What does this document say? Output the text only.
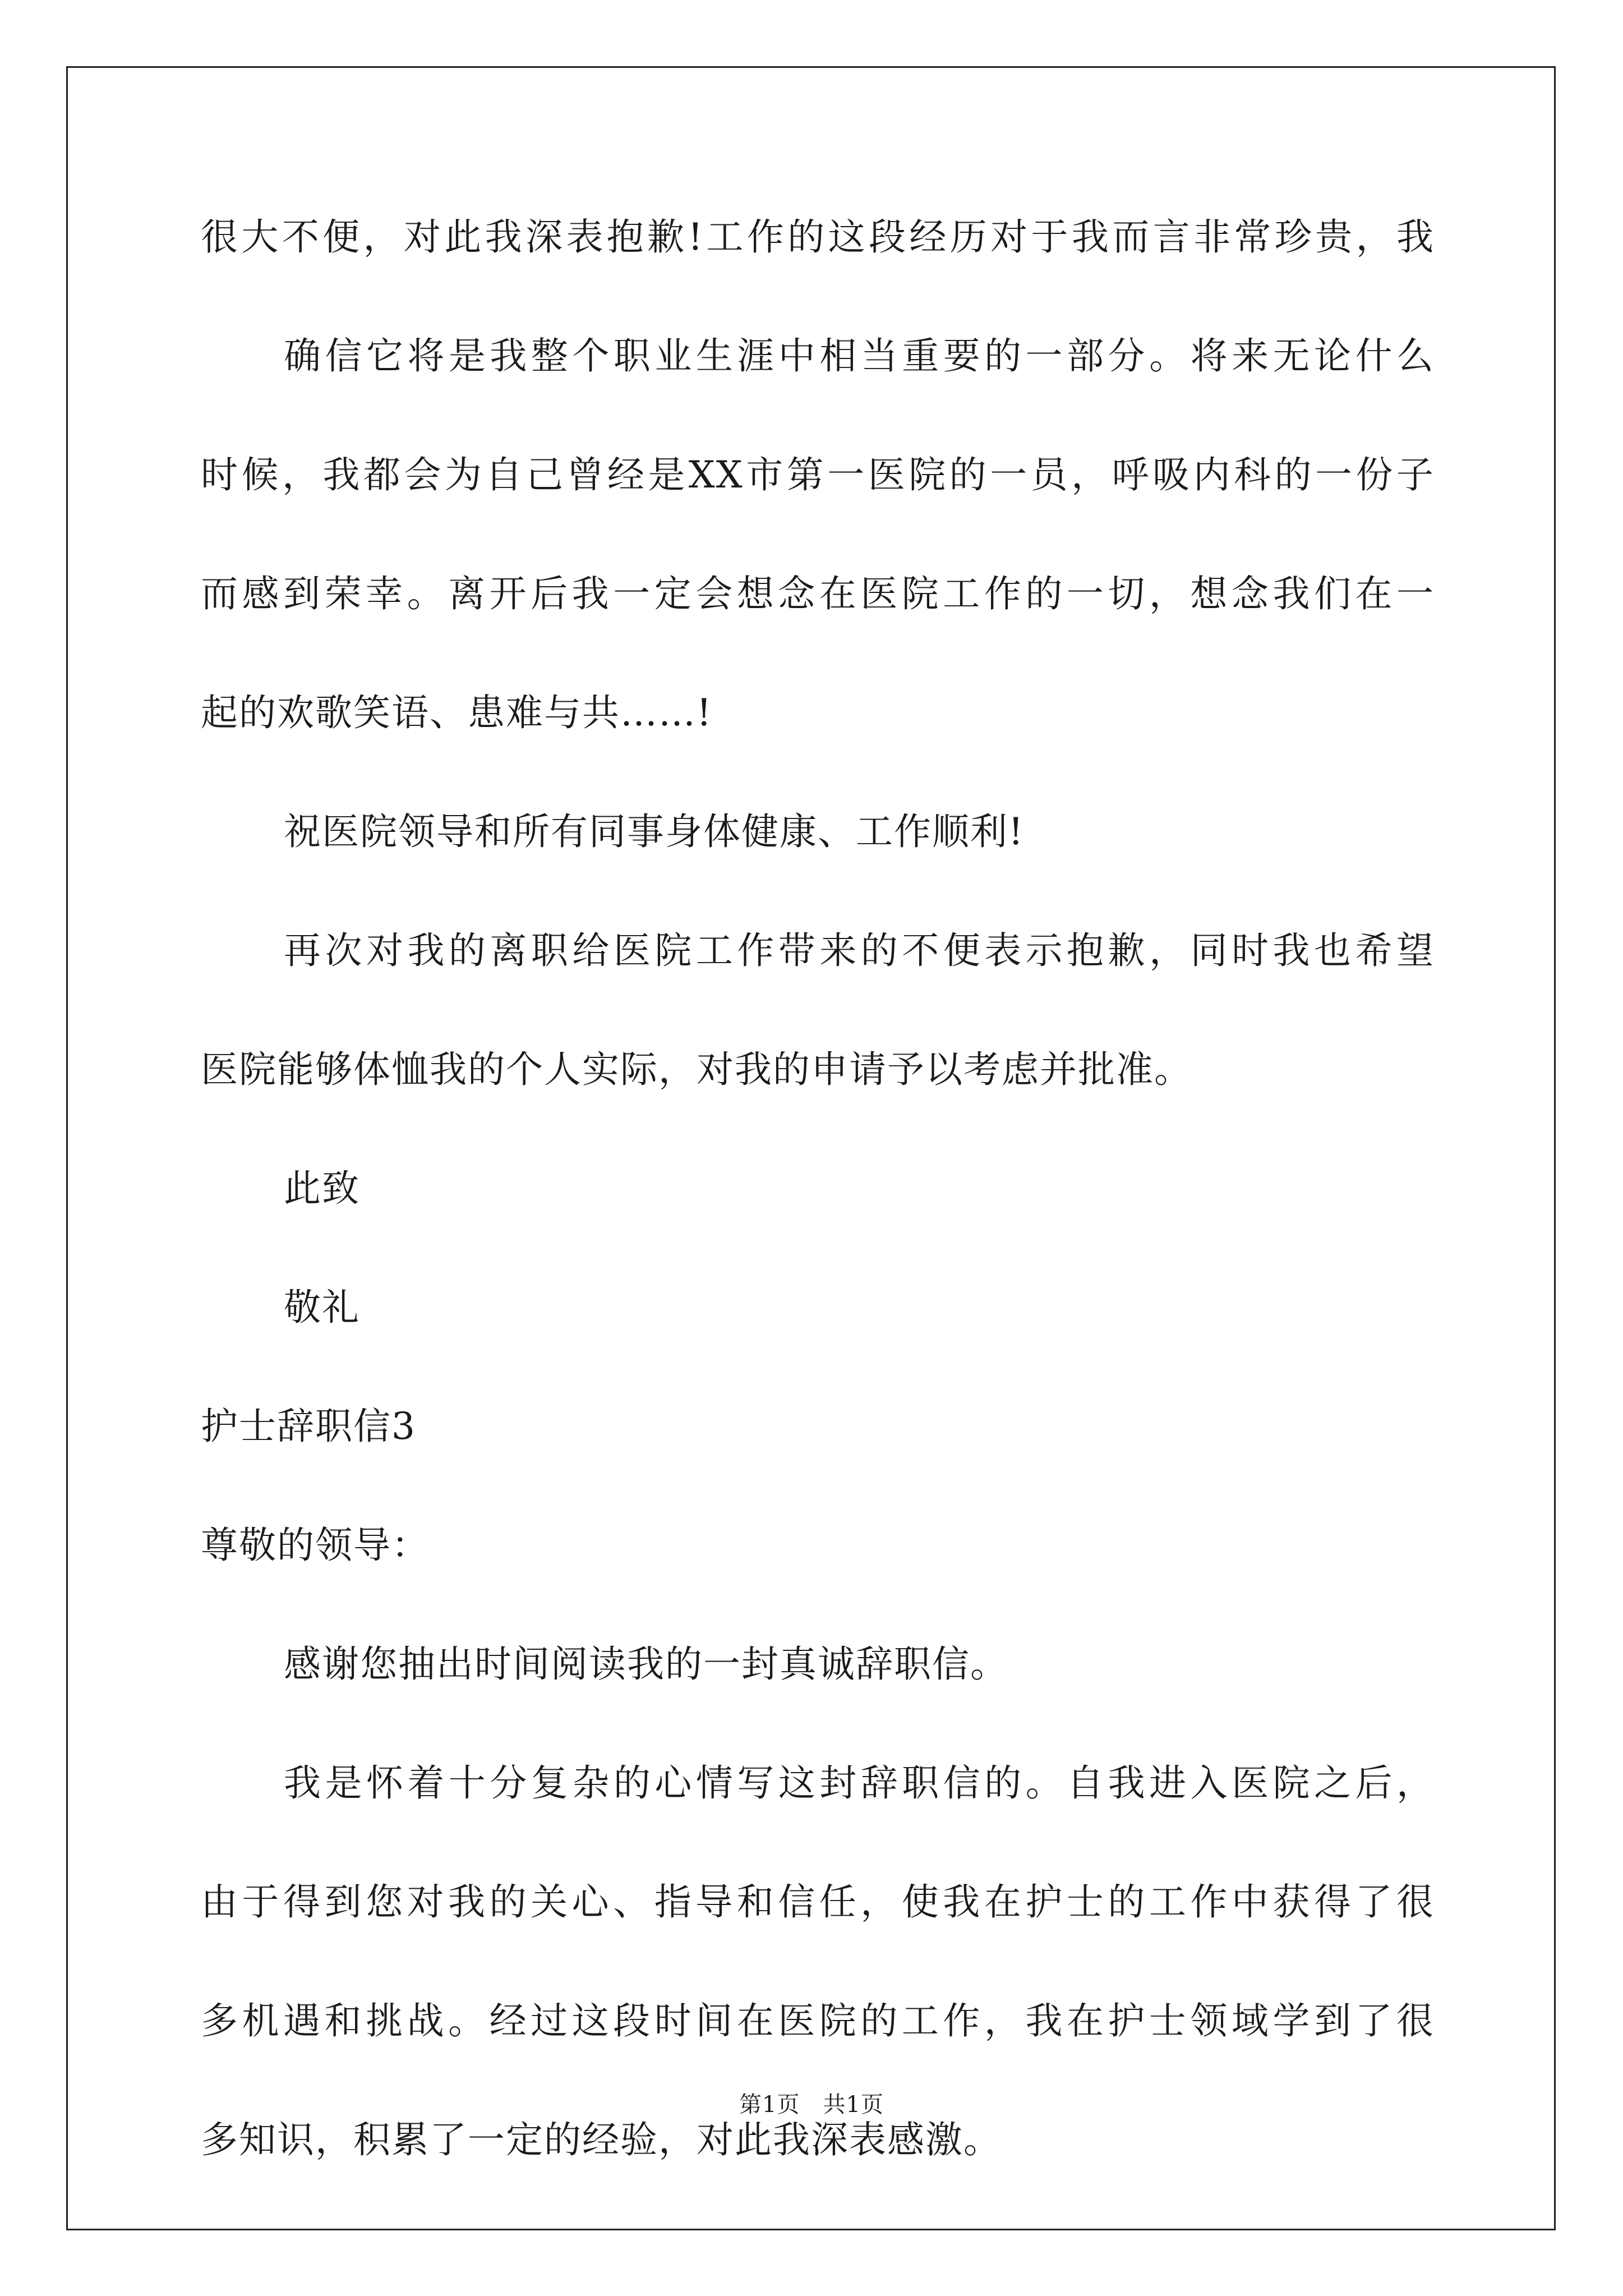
很大不便，对此我深表抱歉!工作的这段经历对于我而言非常珍贵，我
确信它将是我整个职业生涯中相当重要的一部分。将来无论什么
时候，我都会为自己曾经是XX市第一医院的一员，呼吸内科的一份子
而感到荣幸。离开后我一定会想念在医院工作的一切，想念我们在一
起的欢歌笑语、患难与共……!
祝医院领导和所有同事身体健康、工作顺利!
再次对我的离职给医院工作带来的不便表示抱歉，同时我也希望
医院能够体恤我的个人实际，对我的申请予以考虑并批准。
此致
敬礼
护士辞职信3
尊敬的领导：
感谢您抽出时间阅读我的一封真诚辞职信。
我是怀着十分复杂的心情写这封辞职信的。自我进入医院之后，
由于得到您对我的关心、指导和信任，使我在护士的工作中获得了很
多机遇和挑战。经过这段时间在医院的工作，我在护士领域学到了很
多知识，积累了一定的经验，对此我深表感激。
第1页　共1页
